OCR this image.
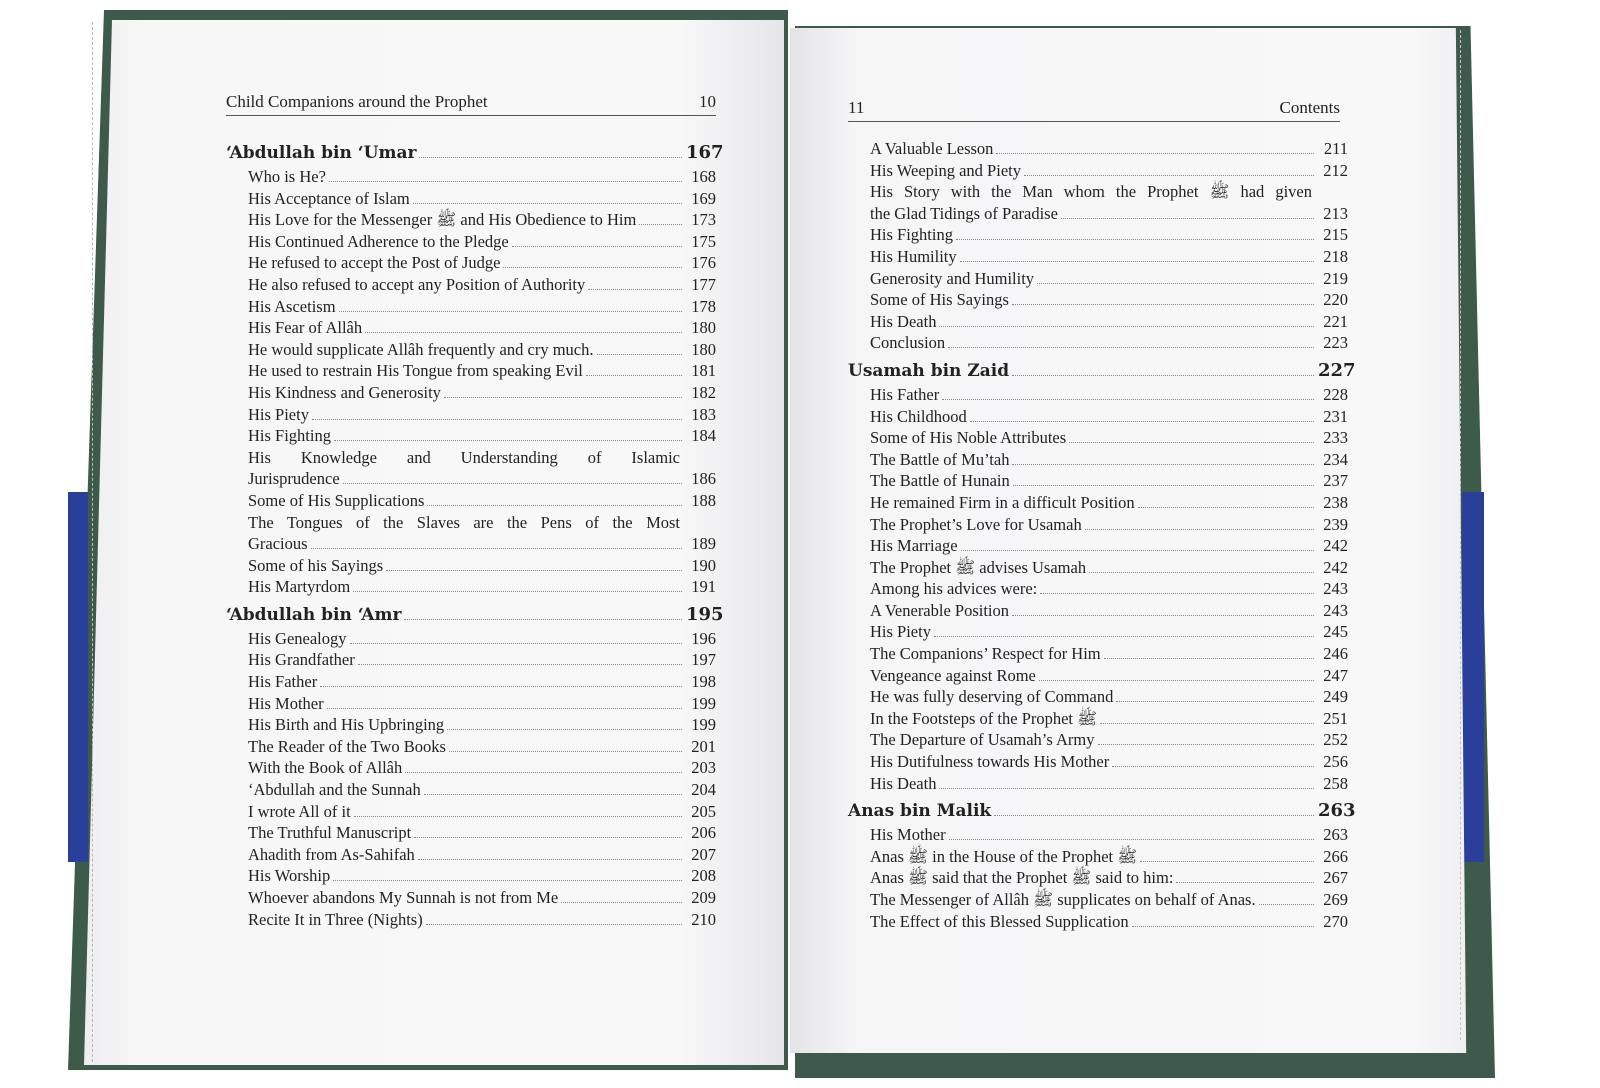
Child Companions around the Prophet	10	11	Contents
‘Abdullah bin ‘Umar	167
Who is He?	168
His Acceptance of Islam	169
His Love for the Messenger ﷺ and His Obedience to Him	173
His Continued Adherence to the Pledge	175
He refused to accept the Post of Judge	176
He also refused to accept any Position of Authority	177
His Ascetism	178
His Fear of Allâh	180
He would supplicate Allâh frequently and cry much.	180
He used to restrain His Tongue from speaking Evil	181
His Kindness and Generosity	182
His Piety	183
His Fighting	184
His Knowledge and Understanding of Islamic
Jurisprudence	186
Some of His Supplications	188
The Tongues of the Slaves are the Pens of the Most
Gracious	189
Some of his Sayings	190
His Martyrdom	191
‘Abdullah bin ‘Amr	195
His Genealogy	196
His Grandfather	197
His Father	198
His Mother	199
His Birth and His Upbringing	199
The Reader of the Two Books	201
With the Book of Allâh	203
‘Abdullah and the Sunnah	204
I wrote All of it	205
The Truthful Manuscript	206
Ahadith from As-Sahifah	207
His Worship	208
Whoever abandons My Sunnah is not from Me	209
Recite It in Three (Nights)	210
A Valuable Lesson	211
His Weeping and Piety	212
His Story with the Man whom the Prophet ﷺ had given
the Glad Tidings of Paradise	213
His Fighting	215
His Humility	218
Generosity and Humility	219
Some of His Sayings	220
His Death	221
Conclusion	223
Usamah bin Zaid	227
His Father	228
His Childhood	231
Some of His Noble Attributes	233
The Battle of Mu’tah	234
The Battle of Hunain	237
He remained Firm in a difficult Position	238
The Prophet’s Love for Usamah	239
His Marriage	242
The Prophet ﷺ advises Usamah	242
Among his advices were:	243
A Venerable Position	243
His Piety	245
The Companions’ Respect for Him	246
Vengeance against Rome	247
He was fully deserving of Command	249
In the Footsteps of the Prophet ﷺ	251
The Departure of Usamah’s Army	252
His Dutifulness towards His Mother	256
His Death	258
Anas bin Malik	263
His Mother	263
Anas ﷺ in the House of the Prophet ﷺ	266
Anas ﷺ said that the Prophet ﷺ said to him:	267
The Messenger of Allâh ﷺ supplicates on behalf of Anas.	269
The Effect of this Blessed Supplication	270
